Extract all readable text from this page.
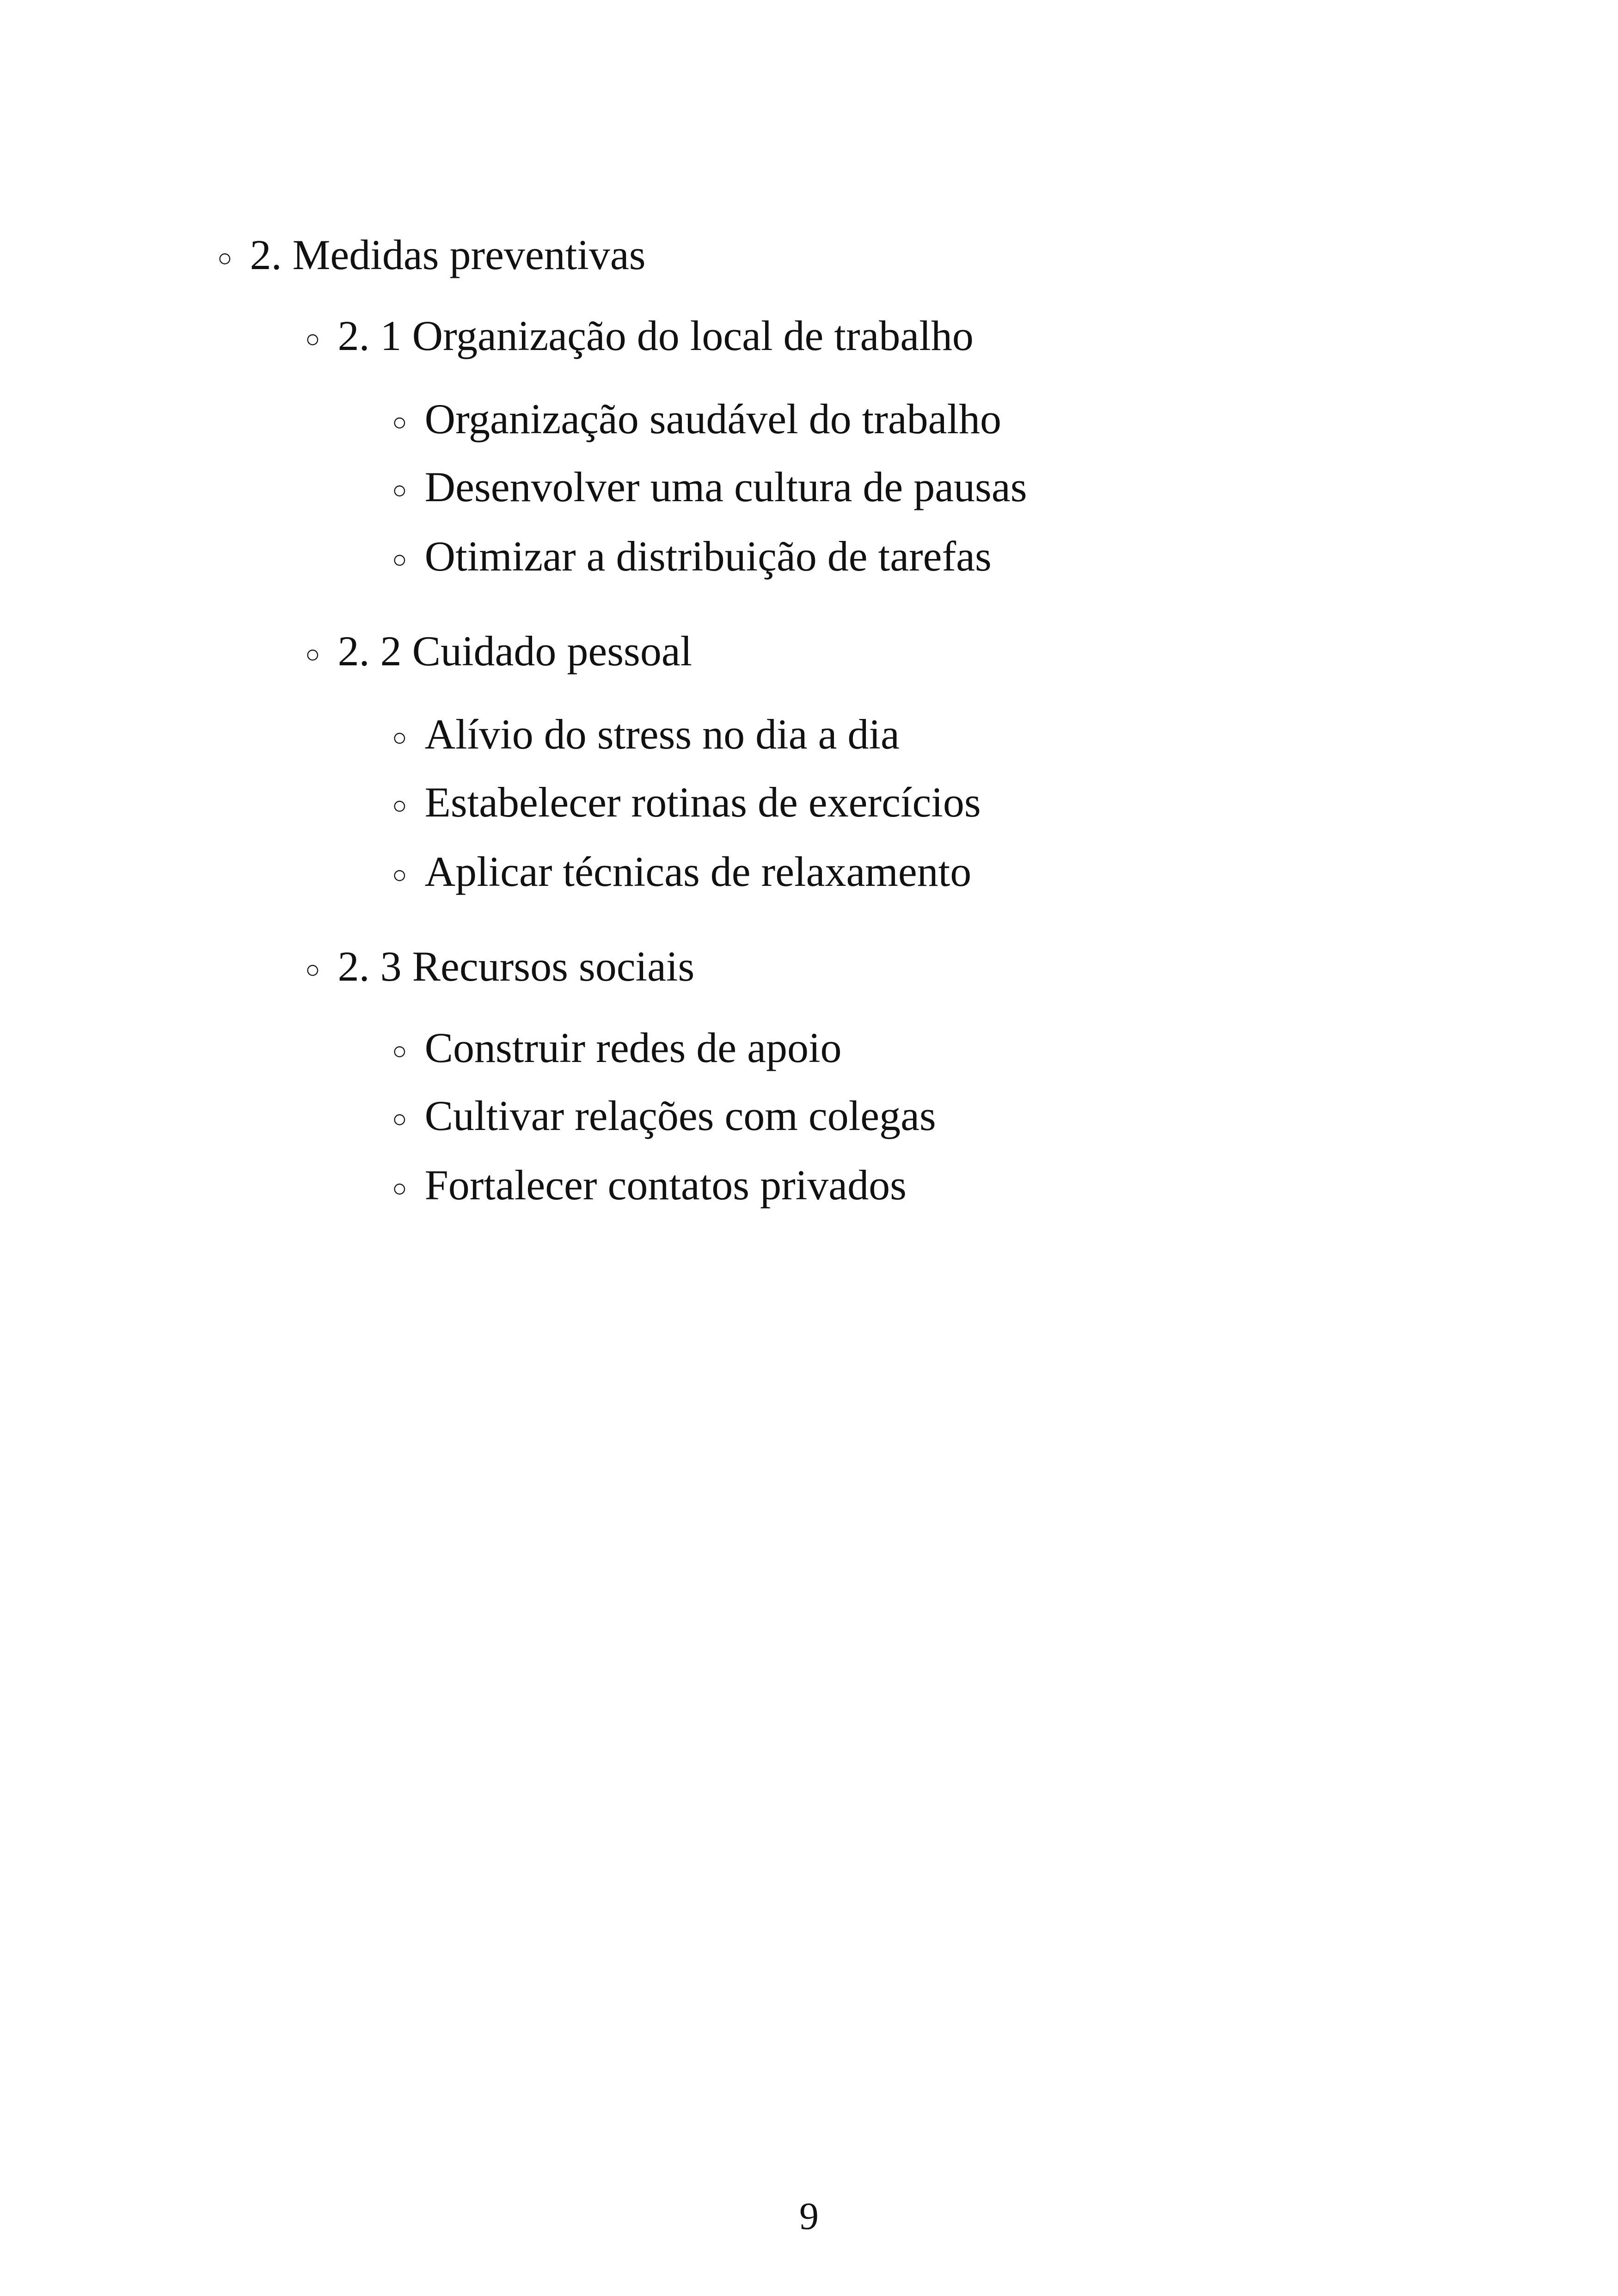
○ 2. Medidas preventivas
○ 2. 1 Organização do local de trabalho
○ Organização saudável do trabalho
○ Desenvolver uma cultura de pausas
○ Otimizar a distribuição de tarefas
○ 2. 2 Cuidado pessoal
○ Alívio do stress no dia a dia
○ Estabelecer rotinas de exercícios
○ Aplicar técnicas de relaxamento
○ 2. 3 Recursos sociais
○ Construir redes de apoio
○ Cultivar relações com colegas
○ Fortalecer contatos privados
9
